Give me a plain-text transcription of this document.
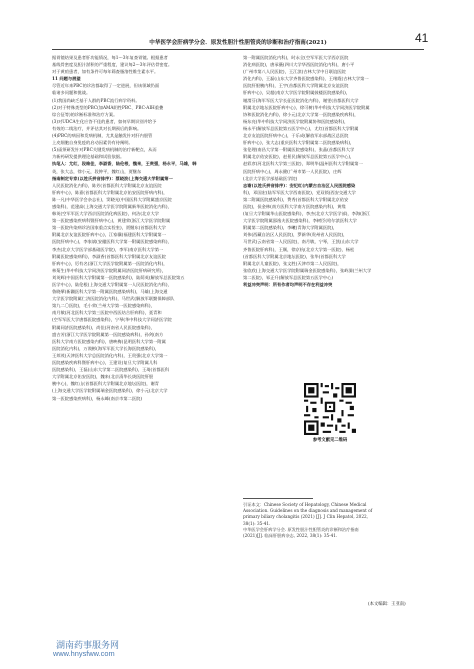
中华医学会肝病学分会．原发性胆汁性胆管炎的诊断和治疗指南(2021)	41

据胃镜结果及患者肝功能情况，每1～3年复查胃镜。根据患者

基线骨密度及胆汁淤积的严重程度，建议每2～3年评估骨密度。

对于黄疸患者，如有条件可每年筛查脂溶性维生素水平。

11 问题与展望

尽管近年来PBC的诊治都取得了一定进展，但该领域仍面

临诸多问题和挑战。

(1)我国尚缺乏基于人群的PBC流行病学资料。

(2)对于特殊类型的PBC(如AMA阴性PBC、PBC-AIH重叠

综合征等)的诊断标准和治疗方案。

(3)对UDCA生化应答不佳的患者，如何早期识别并给予

有效的二线治疗，并评估其对长期预后的影响。

(4)PBC的病因和发病机制，尤其是触发针对肝内胆管

上皮细胞自身免疫的启动因素仍有待阐明。

(5)亟须研发针对PBC关键发病机制的治疗新靶点，从而

为新药研发提供理论基础和试验依据。

执笔人：尤红，段维佳，李淑香，陆伦根，魏来，王贵强，杨永平，马雄，韩

英，张大志，徐小元，段钟平，魏红山，贾继东

指南制定专家(以姓氏拼音排序)：蔡晓波(上海交通大学附属第一

人民医院消化内科)，陈芳(首都医科大学附属北京友谊医院

肝病中心)，陈嘉(首都医科大学附属北京佑安医院肝病内科)，

陈一凡(中华医学会杂志社)，窦晓光(中国医科大学附属盛京医院

感染科)，范建高(上海交通大学医学院附属新华医院消化内科)，

韩英(空军军医大学西京医院消化病医院)，何洁(北京大学

第一医院感染疾病科暨肝病中心)，黄建荣(浙江大学医学院附属

第一医院传染病诊治国家重点实验室)，贾继东(首都医科大学

附属北京友谊医院肝病中心)，江家骥(福建医科大学附属第一

医院肝病中心)，李家斌(安徽医科大学第一附属医院感染病科)，

李杰(北京大学医学部基础医学院)，李军(南京医科大学第一

附属医院感染病科)，李淑香(首都医科大学附属北京友谊医院

肝病中心)，厉有名(浙江大学医学院附属第一医院消化内科)，

林菊生(华中科技大学同济医学院附属同济医院肝病研究所)，

刘英辉(中国医科大学附属第一医院感染科)，陆荫英(解放军总医院第五

医学中心)，陆伦根(上海交通大学附属第一人民医院消化内科)，

鲁晓擘(新疆医科大学第一附属医院感染病科)，马雄(上海交通

大学医学院附属仁济医院消化内科)，马世武(解放军联勤保障部队

第九二〇医院)，毛小荣(兰州大学第一医院感染病科)，

南月敏(河北医科大学第三医院中西医结合肝病科)，聂青和

(空军军医大学唐都医院感染科)，宁琴(华中科技大学同济医学院

附属同济医院感染科)，尚佳(河南省人民医院感染科)，

盛吉芳(浙江大学医学院附属第一医院感染病科)，孙剑(南方

医科大学南方医院感染内科)，唐映梅(昆明医科大学第一附属

医院消化内科)，万谟彬(海军军医大学长海医院感染科)，

王邦茂(天津医科大学总医院消化内科)，王贵强(北京大学第一

医院感染疾病科暨肝病中心)，王建设(复旦大学附属儿科

医院感染科)，王磊(山东大学第二医院感染科)，王琦(首都医科

大学附属北京佑安医院)，魏来(北京清华长庚医院肝胆

胰中心)，魏红山(首都医科大学附属北京地坛医院)，谢青

(上海交通大学医学院附属瑞金医院感染科)，徐小元(北京大学

第一医院感染疾病科)，杨永峰(南京市第二医院)

第一附属医院消化内科)，时永全(空军军医大学西京医院

消化病医院)，唐承薇(四川大学华西医院消化内科)，唐小平

(广州市第八人民医院)，王江滨(吉林大学中日联谊医院

消化内科)，王磊(山东大学齐鲁医院感染科)，王绪霞(吉林大学第一

医院肝胆胰内科)，王宇(首都医科大学附属北京友谊医院

肝病中心)，吴超(南京大学医学院附属鼓楼医院感染科)，

谢渭芬(海军军医大学长征医院消化内科)，谢雯(首都医科大学

附属北京地坛医院肝病中心)，徐可树(华中科技大学同济医学院附属

协和医院消化内科)，徐小元(北京大学第一医院感染疾病科)，

杨东亮(华中科技大学同济医学院附属协和医院感染科)，

杨永平(解放军总医院第五医学中心)，尤红(首都医科大学附属

北京友谊医院肝病中心)，于乐成(解放军东部战区总医院

肝病中心)，张大志(重庆医科大学附属第二医院感染病科)，

张伦理(南昌大学第一附属医院感染科)，张晶(首都医科大学

附属北京佑安医院)，赵景民(解放军总医院第五医学中心)，

赵彩彦(河北医科大学第三医院)，郑明华(温州医科大学附属第一

医院肝病中心)，周永健(广州市第一人民医院)，庄辉

(北京大学医学部基础医学院)

志谢(以姓氏拼音排序)：安纪红(内蒙古自治区人民医院感染

科)，邓国宏(陆军军医大学西南医院)，党双锁(西安交通大学

第二附属医院感染科)，费秀(首都医科大学附属北京佑安

医院)，侯金林(南方医科大学南方医院感染内科)，黄缘

(复旦大学附属华山医院感染科)，李杰(北京大学医学部)，李海(浙江

大学医学院附属邵逸夫医院感染科)，李树臣(哈尔滨医科大学

附属第二医院感染科)，李曦(青海大学附属医院)，

刘伟(西藏自治区人民医院)，罗新华(贵州省人民医院)，

马世武(云南省第一人民医院)，南月敏，宁琴，王凯(山东大学

齐鲁医院肝病科)，王顺，徐京杭(北京大学第一医院)，杨松

(首都医科大学附属北京地坛医院)，张华(首都医科大学

附属北京儿童医院)，张文胜(天津市第二人民医院)，

张欣欣(上海交通大学医学院附属瑞金医院感染科)，张岭漪(兰州大学

第二医院)，邹正升(解放军总医院第五医学中心)

利益冲突声明：所有作者均声明不存在利益冲突

参考文献见二维码

引证本文：Chinese Society of Hepatology, Chinese Medical

Association. Guidelines on the diagnosis and management of

primary biliary cholangitis (2021) [J]. J Clin Hepatol, 2022,

38(1): 35-41.

中华医学会肝病学分会. 原发性胆汁性胆管炎的诊断和治疗指南

(2021)[J]. 临床肝胆病杂志, 2022, 38(1): 35-41.

(本文编辑：王亚南)
湖南药事服务网
www.hnysfww.com
